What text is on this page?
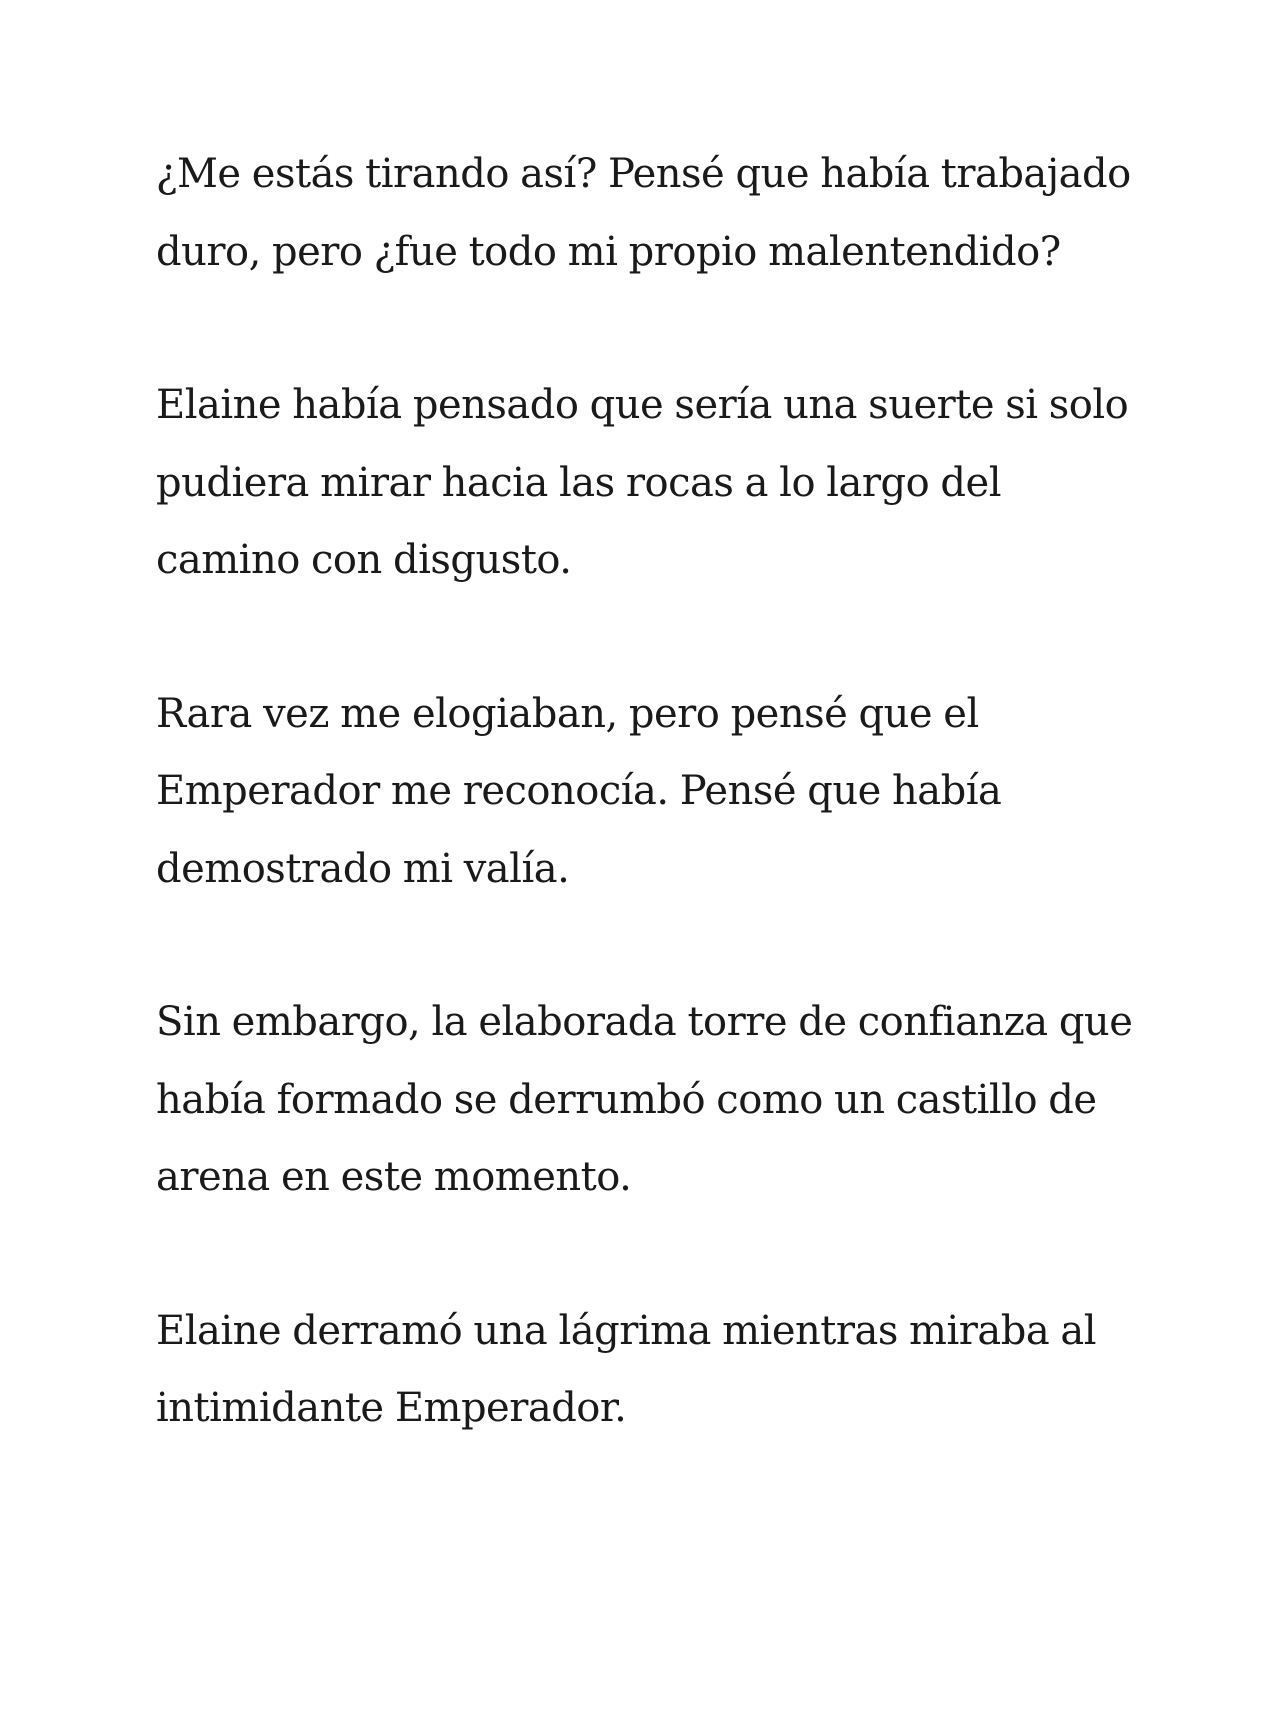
¿Me estás tirando así? Pensé que había trabajado duro, pero ¿fue todo mi propio malentendido?

Elaine había pensado que sería una suerte si solo pudiera mirar hacia las rocas a lo largo del camino con disgusto.

Rara vez me elogiaban, pero pensé que el Emperador me reconocía. Pensé que había demostrado mi valía.

Sin embargo, la elaborada torre de confianza que había formado se derrumbó como un castillo de arena en este momento.

Elaine derramó una lágrima mientras miraba al intimidante Emperador.
